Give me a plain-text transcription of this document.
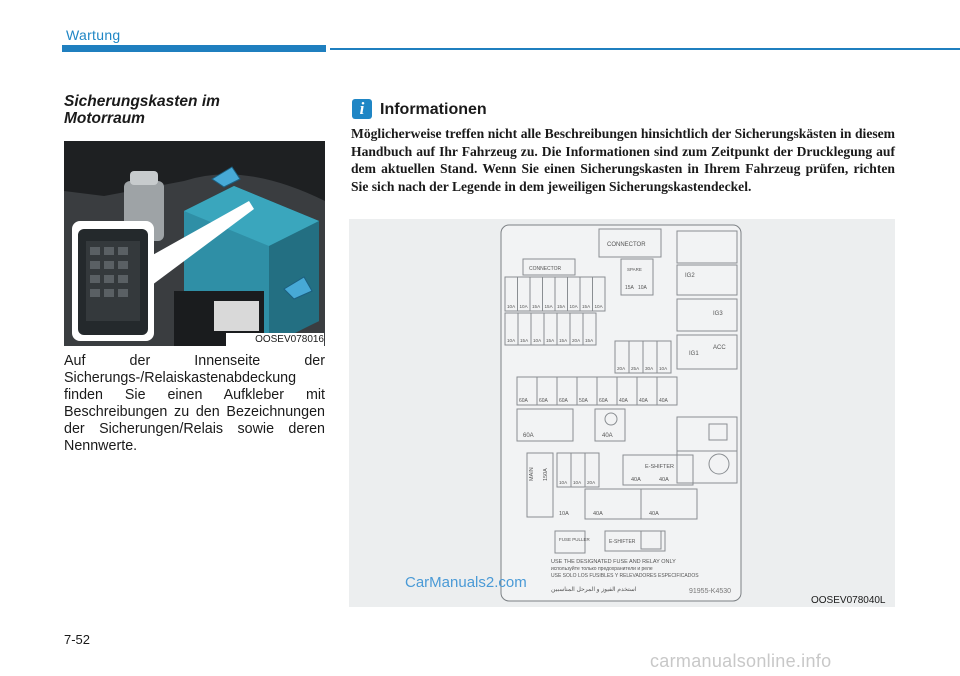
Wartung
Sicherungskasten im
Motorraum
OOSEV078016
Auf der Innenseite der Sicherungs-/Relaiskastenabdeckung finden Sie einen Aufkleber mit Beschreibungen zu den Bezeichnungen der Sicherungen/Relais sowie deren Nennwerte.
i Informationen
Möglicherweise treffen nicht alle Beschreibungen hinsichtlich der Sicherungskästen in diesem Handbuch auf Ihr Fahrzeug zu. Die Informationen sind zum Zeitpunkt der Drucklegung auf dem aktuellen Stand. Wenn Sie einen Sicherungskasten in Ihrem Fahrzeug prüfen, richten Sie sich nach der Legende in dem jeweiligen Sicherungskastendeckel.
CONNECTOR
CONNECTOR
IG2
IG3
ACC
IG1
10A 10A 15A 15A 15A 10A 15A 10A
10A 15A 10A 15A 15A 20A 15A
15A 10A
SPARE
20A 25A 30A 10A
60A 60A 60A 50A 60A 40A 40A 40A
60A	40A
MAIN 150A
10A 10A 20A
E-SHIFTER
40A	40A
40A	40A
10A
FUSE PULLER	E-SHIFTER
USE THE DESIGNATED FUSE AND RELAY ONLY
используйте только предохранители и реле
USE SOLO LOS FUSIBLES Y RELEVADORES ESPECIFICADOS
استخدم الفيوز و المرحل المناسبين	91955-K4530
CarManuals2.com
OOSEV078040L
7-52
carmanualsonline.info
